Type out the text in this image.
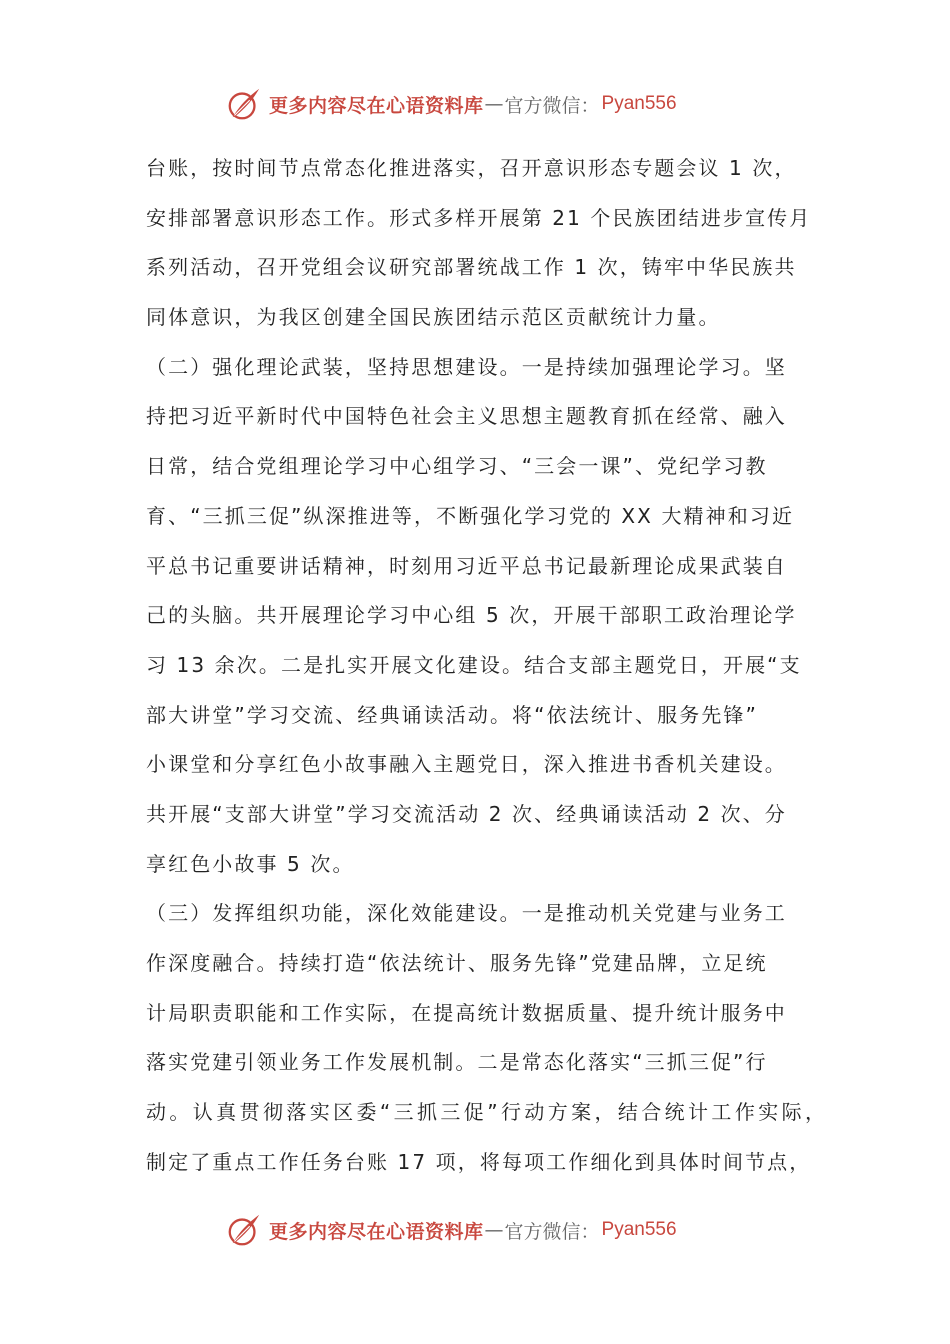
更多内容尽在心语资料库 — 官方微信： Pyan556
台账，按时间节点常态化推进落实，召开意识形态专题会议 1 次，
安排部署意识形态工作。形式多样开展第 21 个民族团结进步宣传月
系列活动，召开党组会议研究部署统战工作 1 次，铸牢中华民族共
同体意识，为我区创建全国民族团结示范区贡献统计力量。
（二）强化理论武装，坚持思想建设。一是持续加强理论学习。坚
持把习近平新时代中国特色社会主义思想主题教育抓在经常、融入
日常，结合党组理论学习中心组学习、“三会一课”、党纪学习教
育、“三抓三促”纵深推进等，不断强化学习党的 XX 大精神和习近
平总书记重要讲话精神，时刻用习近平总书记最新理论成果武装自
己的头脑。共开展理论学习中心组 5 次，开展干部职工政治理论学
习 13 余次。二是扎实开展文化建设。结合支部主题党日，开展“支
部大讲堂”学习交流、经典诵读活动。将“依法统计、服务先锋”
小课堂和分享红色小故事融入主题党日，深入推进书香机关建设。
共开展“支部大讲堂”学习交流活动 2 次、经典诵读活动 2 次、分
享红色小故事 5 次。
（三）发挥组织功能，深化效能建设。一是推动机关党建与业务工
作深度融合。持续打造“依法统计、服务先锋”党建品牌，立足统
计局职责职能和工作实际，在提高统计数据质量、提升统计服务中
落实党建引领业务工作发展机制。二是常态化落实“三抓三促”行
动。认真贯彻落实区委“三抓三促”行动方案，结合统计工作实际，
制定了重点工作任务台账 17 项，将每项工作细化到具体时间节点，
更多内容尽在心语资料库 — 官方微信： Pyan556
